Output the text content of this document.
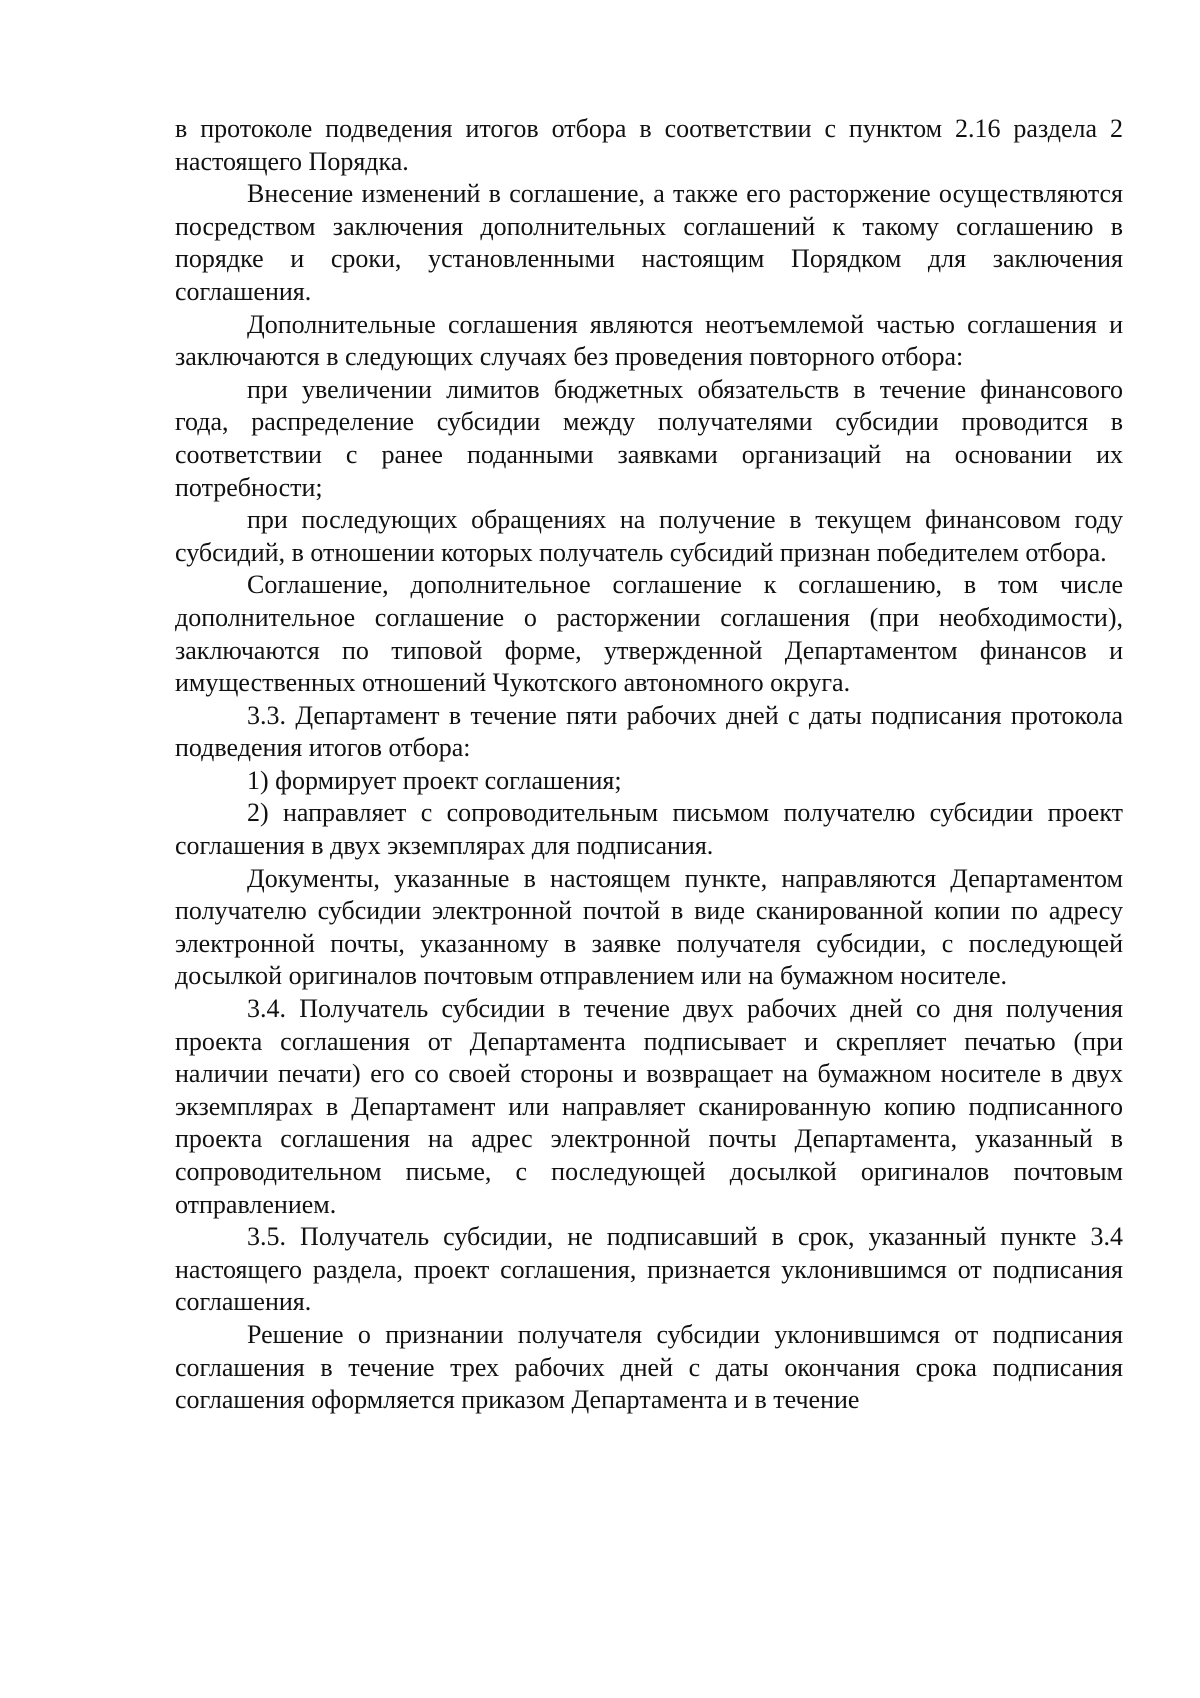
в протоколе подведения итогов отбора в соответствии с пунктом 2.16 раздела 2 настоящего Порядка.

Внесение изменений в соглашение, а также его расторжение осуществляются посредством заключения дополнительных соглашений к такому соглашению в порядке и сроки, установленными настоящим Порядком для заключения соглашения.

Дополнительные соглашения являются неотъемлемой частью соглашения и заключаются в следующих случаях без проведения повторного отбора:

при увеличении лимитов бюджетных обязательств в течение финансового года, распределение субсидии между получателями субсидии проводится в соответствии с ранее поданными заявками организаций на основании их потребности;

при последующих обращениях на получение в текущем финансовом году субсидий, в отношении которых получатель субсидий признан победителем отбора.

Соглашение, дополнительное соглашение к соглашению, в том числе дополнительное соглашение о расторжении соглашения (при необходимости), заключаются по типовой форме, утвержденной Департаментом финансов и имущественных отношений Чукотского автономного округа.

3.3. Департамент в течение пяти рабочих дней с даты подписания протокола подведения итогов отбора:

1) формирует проект соглашения;

2) направляет с сопроводительным письмом получателю субсидии проект соглашения в двух экземплярах для подписания.

Документы, указанные в настоящем пункте, направляются Департаментом получателю субсидии электронной почтой в виде сканированной копии по адресу электронной почты, указанному в заявке получателя субсидии, с последующей досылкой оригиналов почтовым отправлением или на бумажном носителе.

3.4. Получатель субсидии в течение двух рабочих дней со дня получения проекта соглашения от Департамента подписывает и скрепляет печатью (при наличии печати) его со своей стороны и возвращает на бумажном носителе в двух экземплярах в Департамент или направляет сканированную копию подписанного проекта соглашения на адрес электронной почты Департамента, указанный в сопроводительном письме, с последующей досылкой оригиналов почтовым отправлением.

3.5. Получатель субсидии, не подписавший в срок, указанный пункте 3.4 настоящего раздела, проект соглашения, признается уклонившимся от подписания соглашения.

Решение о признании получателя субсидии уклонившимся от подписания соглашения в течение трех рабочих дней с даты окончания срока подписания соглашения оформляется приказом Департамента и в течение
